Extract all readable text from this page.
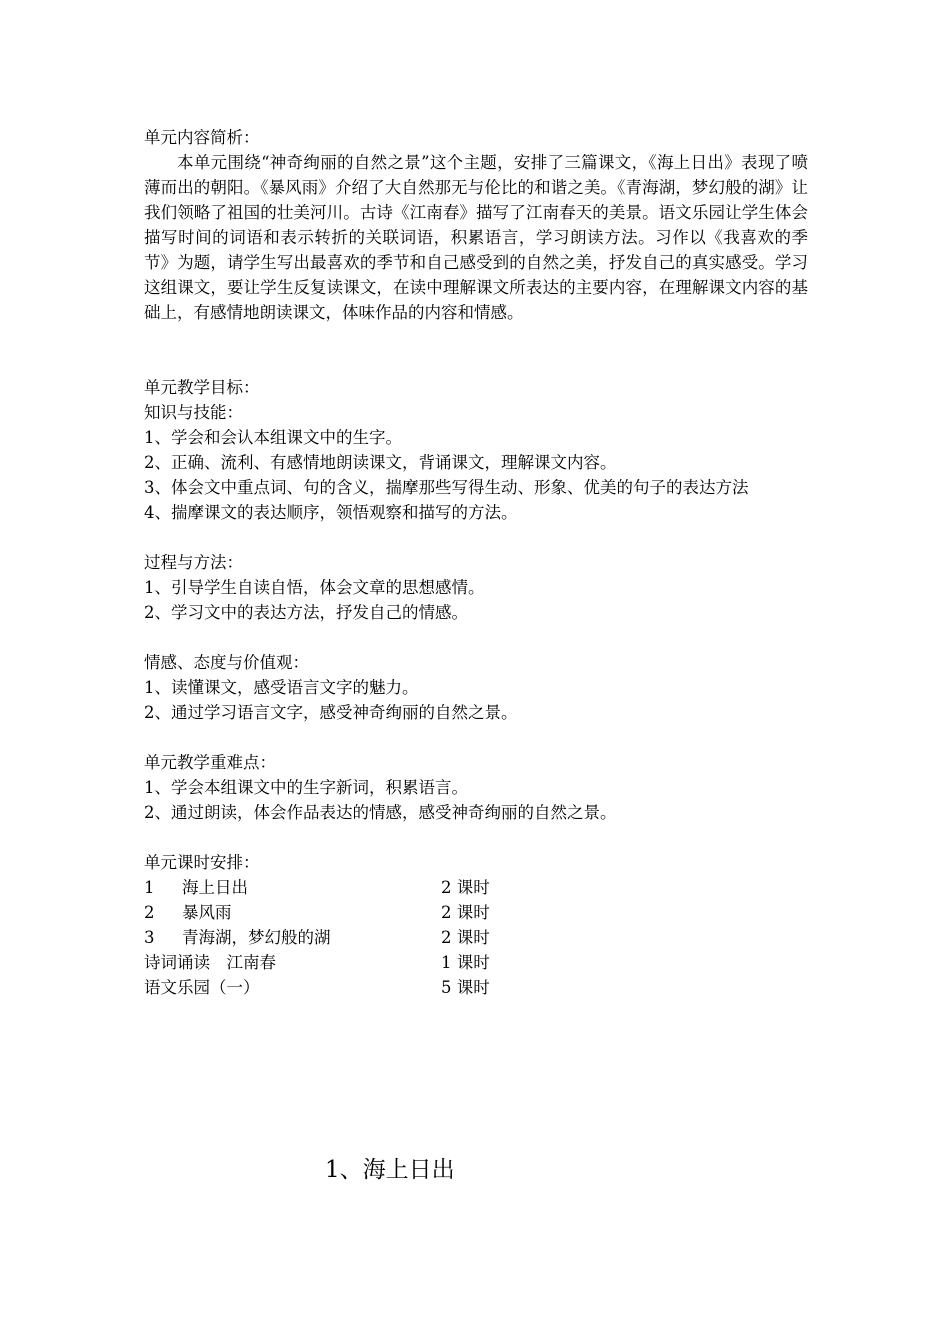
单元内容简析：
本单元围绕“神奇绚丽的自然之景”这个主题，安排了三篇课文，《海上日出》表现了喷薄而出的朝阳。《暴风雨》介绍了大自然那无与伦比的和谐之美。《青海湖，梦幻般的湖》让我们领略了祖国的壮美河川。古诗《江南春》描写了江南春天的美景。语文乐园让学生体会描写时间的词语和表示转折的关联词语，积累语言，学习朗读方法。习作以《我喜欢的季节》为题，请学生写出最喜欢的季节和自己感受到的自然之美，抒发自己的真实感受。学习这组课文，要让学生反复读课文，在读中理解课文所表达的主要内容，在理解课文内容的基础上，有感情地朗读课文，体味作品的内容和情感。
单元教学目标：
知识与技能：
1、学会和会认本组课文中的生字。
2、正确、流利、有感情地朗读课文，背诵课文，理解课文内容。
3、体会文中重点词、句的含义，揣摩那些写得生动、形象、优美的句子的表达方法
4、揣摩课文的表达顺序，领悟观察和描写的方法。
过程与方法：
1、引导学生自读自悟，体会文章的思想感情。
2、学习文中的表达方法，抒发自己的情感。
情感、态度与价值观：
1、读懂课文，感受语言文字的魅力。
2、通过学习语言文字，感受神奇绚丽的自然之景。
单元教学重难点：
1、学会本组课文中的生字新词，积累语言。
2、通过朗读，体会作品表达的情感，感受神奇绚丽的自然之景。
单元课时安排：
1 海上日出	2 课时
2 暴风雨	2 课时
3 青海湖，梦幻般的湖	2 课时
诗词诵读　江南春	1 课时
语文乐园（一）	5 课时
1、海上日出
